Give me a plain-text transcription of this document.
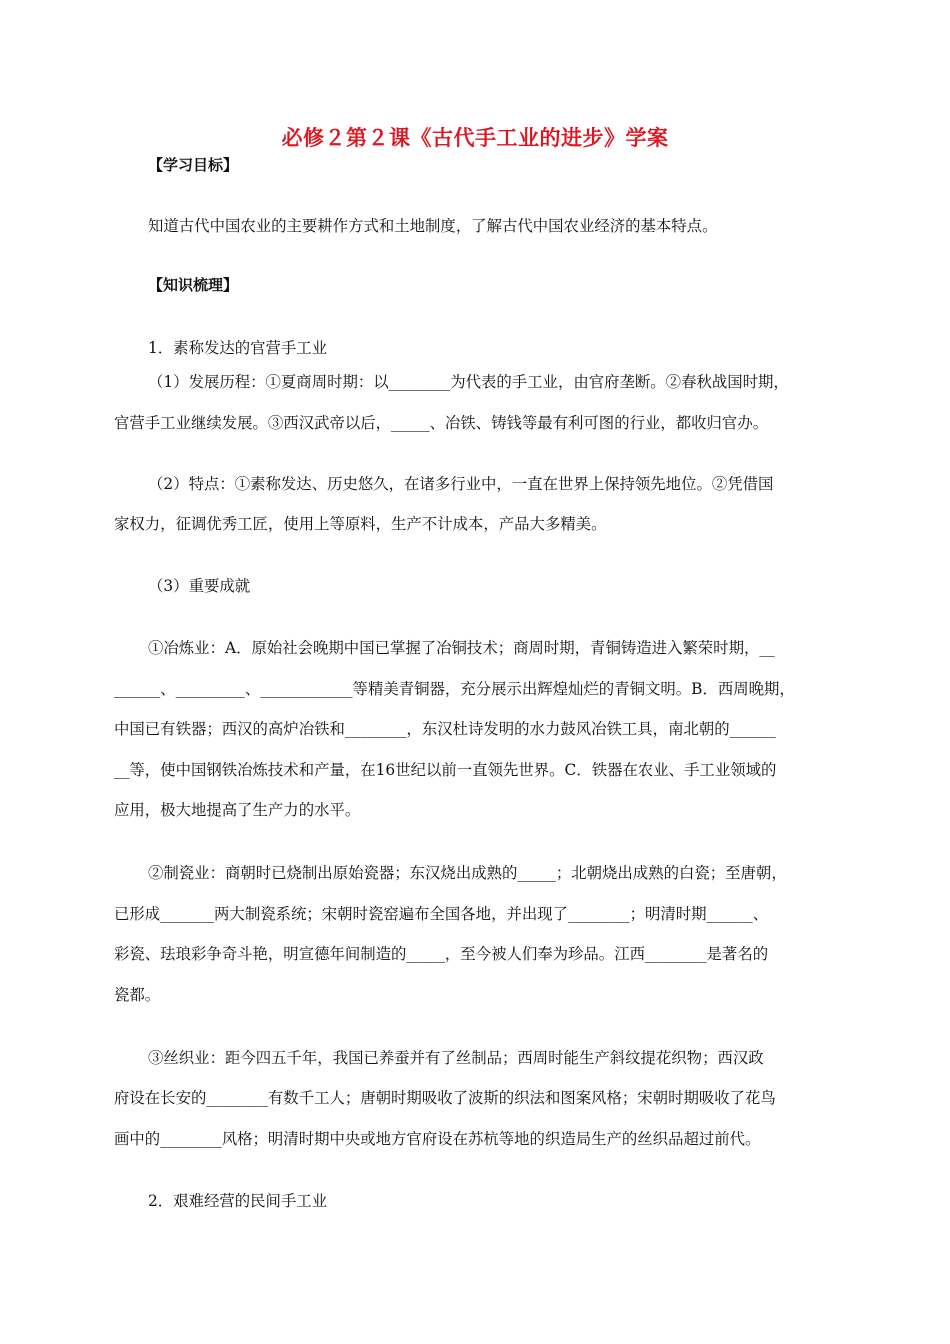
必修２第２课《古代手工业的进步》学案
【学习目标】
知道古代中国农业的主要耕作方式和土地制度，了解古代中国农业经济的基本特点。
【知识梳理】
1．素称发达的官营手工业
（1）发展历程：①夏商周时期：以________为代表的手工业，由官府垄断。②春秋战国时期，
官营手工业继续发展。③西汉武帝以后，_____、冶铁、铸钱等最有利可图的行业，都收归官办。
（2）特点：①素称发达、历史悠久，在诸多行业中，一直在世界上保持领先地位。②凭借国
家权力，征调优秀工匠，使用上等原料，生产不计成本，产品大多精美。
（3）重要成就
①冶炼业：A．原始社会晚期中国已掌握了冶铜技术；商周时期，青铜铸造进入繁荣时期，__
______、_________、____________等精美青铜器，充分展示出辉煌灿烂的青铜文明。B．西周晚期，
中国已有铁器；西汉的高炉冶铁和________，东汉杜诗发明的水力鼓风冶铁工具，南北朝的______
__等，使中国钢铁冶炼技术和产量，在16世纪以前一直领先世界。C．铁器在农业、手工业领域的
应用，极大地提高了生产力的水平。
②制瓷业：商朝时已烧制出原始瓷器；东汉烧出成熟的_____；北朝烧出成熟的白瓷；至唐朝，
已形成_______两大制瓷系统；宋朝时瓷窑遍布全国各地，并出现了________；明清时期______、
彩瓷、珐琅彩争奇斗艳，明宣德年间制造的_____，至今被人们奉为珍品。江西________是著名的
瓷都。
③丝织业：距今四五千年，我国已养蚕并有了丝制品；西周时能生产斜纹提花织物；西汉政
府设在长安的________有数千工人；唐朝时期吸收了波斯的织法和图案风格；宋朝时期吸收了花鸟
画中的________风格；明清时期中央或地方官府设在苏杭等地的织造局生产的丝织品超过前代。
2．艰难经营的民间手工业
